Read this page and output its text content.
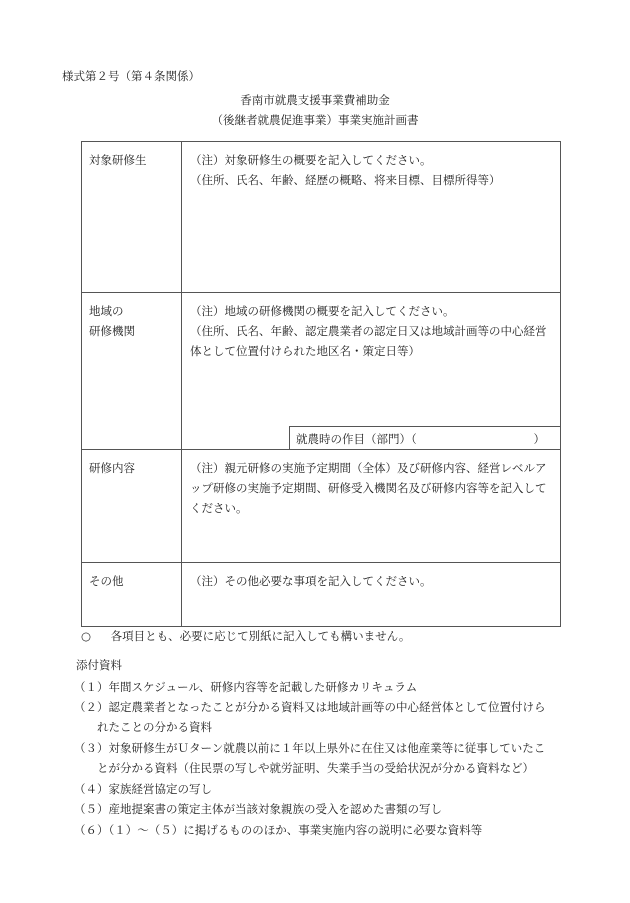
様式第２号（第４条関係）
香南市就農支援事業費補助金
（後継者就農促進事業）事業実施計画書
対象研修生	（注）対象研修生の概要を記入してください。
（住所、氏名、年齢、経歴の概略、将来目標、目標所得等）

地域の
研修機関	（注）地域の研修機関の概要を記入してください。
（住所、氏名、年齢、認定農業者の認定日又は地域計画等の中心経営
体として位置付けられた地区名・策定日等）
就農時の作目（部門）（ ）

研修内容	（注）親元研修の実施予定期間（全体）及び研修内容、経営レベルアップ研修の実施予定期間、研修受入機関名及び研修内容等を記入してください。

その他	（注）その他必要な事項を記入してください。
○ 各項目とも、必要に応じて別紙に記入しても構いません。
添付資料
（１）年間スケジュール、研修内容等を記載した研修カリキュラム
（２）認定農業者となったことが分かる資料又は地域計画等の中心経営体として位置付けら
　　れたことの分かる資料
（３）対象研修生がＵターン就農以前に１年以上県外に在住又は他産業等に従事していたこ
　　とが分かる資料（住民票の写しや就労証明、失業手当の受給状況が分かる資料など）
（４）家族経営協定の写し
（５）産地提案書の策定主体が当該対象親族の受入を認めた書類の写し
（６）（１）～（５）に掲げるもののほか、事業実施内容の説明に必要な資料等
